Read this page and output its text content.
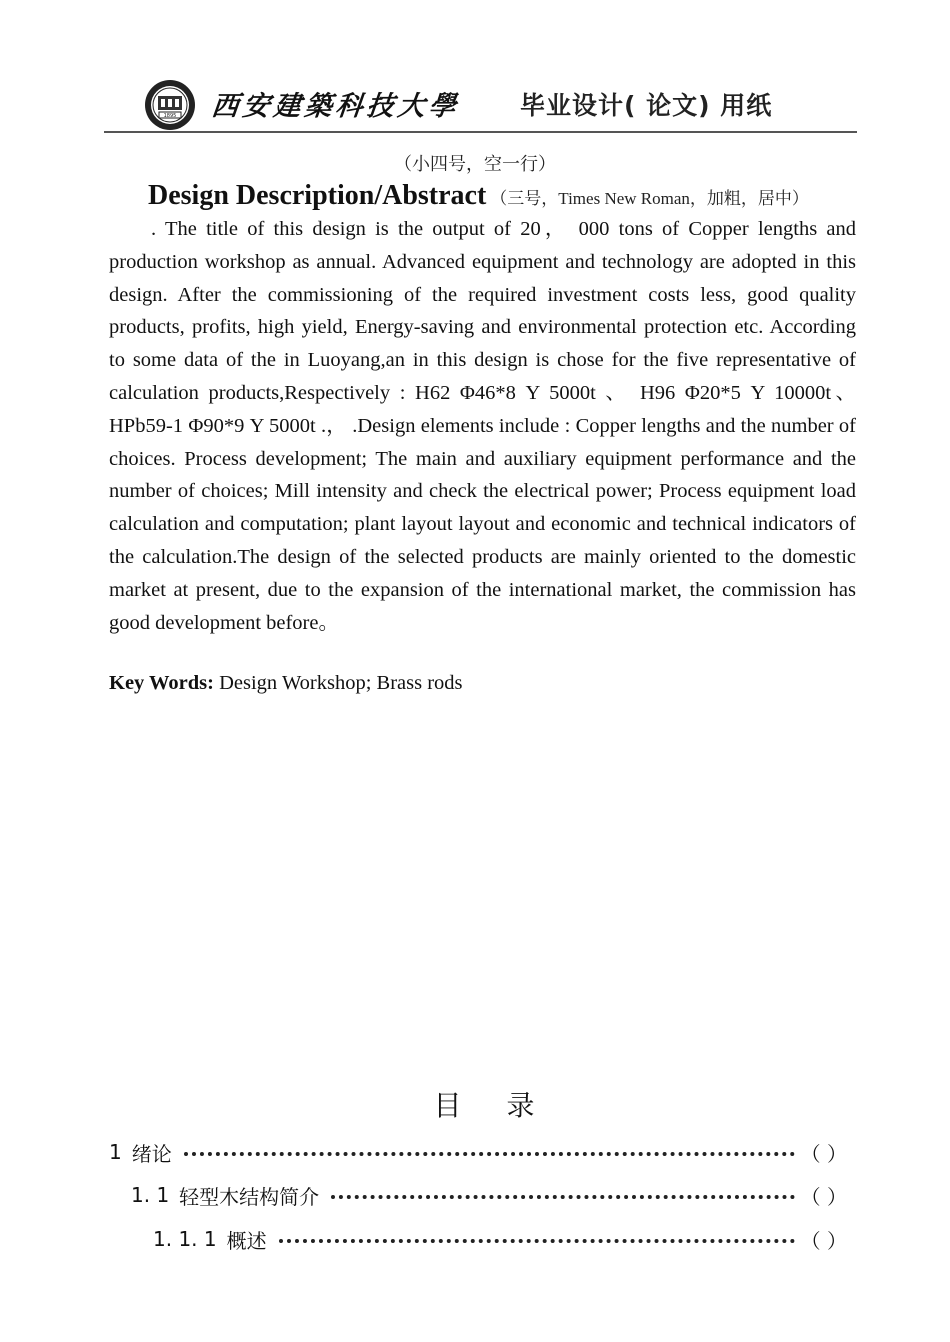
1895 西安建築科技大學 毕业设计( 论文) 用纸
（小四号，空一行）
Design Description/Abstract （三号，Times New Roman，加粗，居中）

. The title of this design is the output of 20， 000 tons of Copper lengths and production workshop as annual. Advanced equipment and technology are adopted in this design. After the commissioning of the required investment costs less, good quality products, profits, high yield, Energy-saving and environmental protection etc. According to some data of the in Luoyang,an in this design is chose for the five representative of calculation products,Respectively : H62 Φ46*8 Y 5000t 、 H96 Φ20*5 Y 10000t、HPb59-1 Φ90*9 Y 5000t .， .Design elements include : Copper lengths and the number of choices. Process development; The main and auxiliary equipment performance and the number of choices; Mill intensity and check the electrical power; Process equipment load calculation and computation; plant layout layout and economic and technical indicators of the calculation.The design of the selected products are mainly oriented to the domestic market at present, due to the expansion of the international market, the commission has good development before。

Key Words: Design Workshop; Brass rods
目 录
1 绪论	（ ）
1. 1 轻型木结构简介	（ ）
1. 1. 1 概述	（ ）
